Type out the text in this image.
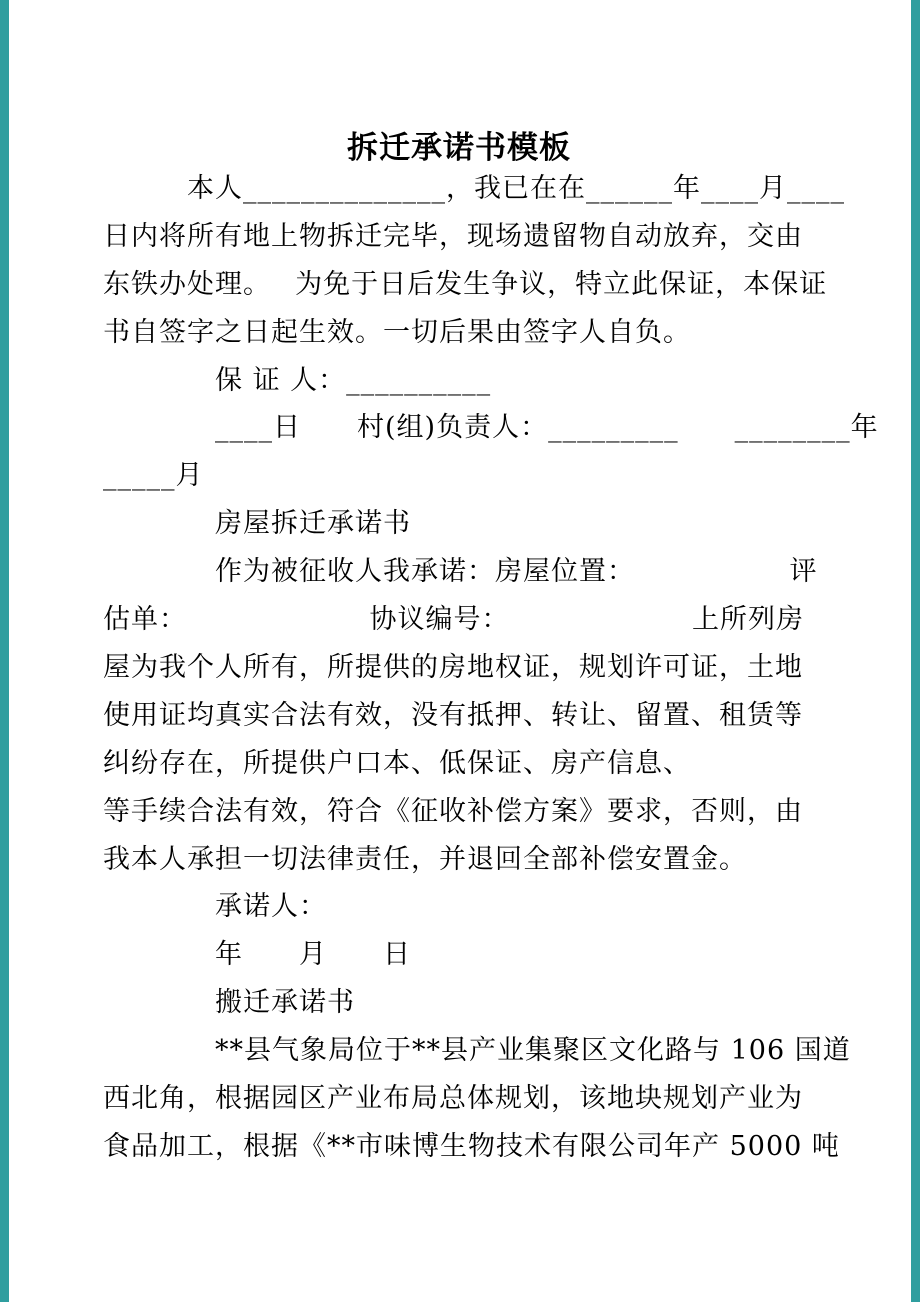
拆迁承诺书模板
本人______________，我已在在______年____月____
日内将所有地上物拆迁完毕，现场遗留物自动放弃，交由
东铁办处理。　 为免于日后发生争议，特立此保证，本保证
书自签字之日起生效。一切后果由签字人自负。
保 证 人：__________
____日　　村(组)负责人：_________　　________年
_____月
房屋拆迁承诺书
作为被征收人我承诺：房屋位置：　　　　　　评
估单：　　　　　　　协议编号：　　　　　　　上所列房
屋为我个人所有，所提供的房地权证，规划许可证，土地
使用证均真实合法有效，没有抵押、转让、留置、租赁等
纠纷存在，所提供户口本、低保证、房产信息、
等手续合法有效，符合《征收补偿方案》要求，否则，由
我本人承担一切法律责任，并退回全部补偿安置金。
承诺人：
年　　月　　日
搬迁承诺书
**县气象局位于**县产业集聚区文化路与 106 国道
西北角，根据园区产业布局总体规划，该地块规划产业为
食品加工，根据《**市味博生物技术有限公司年产 5000 吨
